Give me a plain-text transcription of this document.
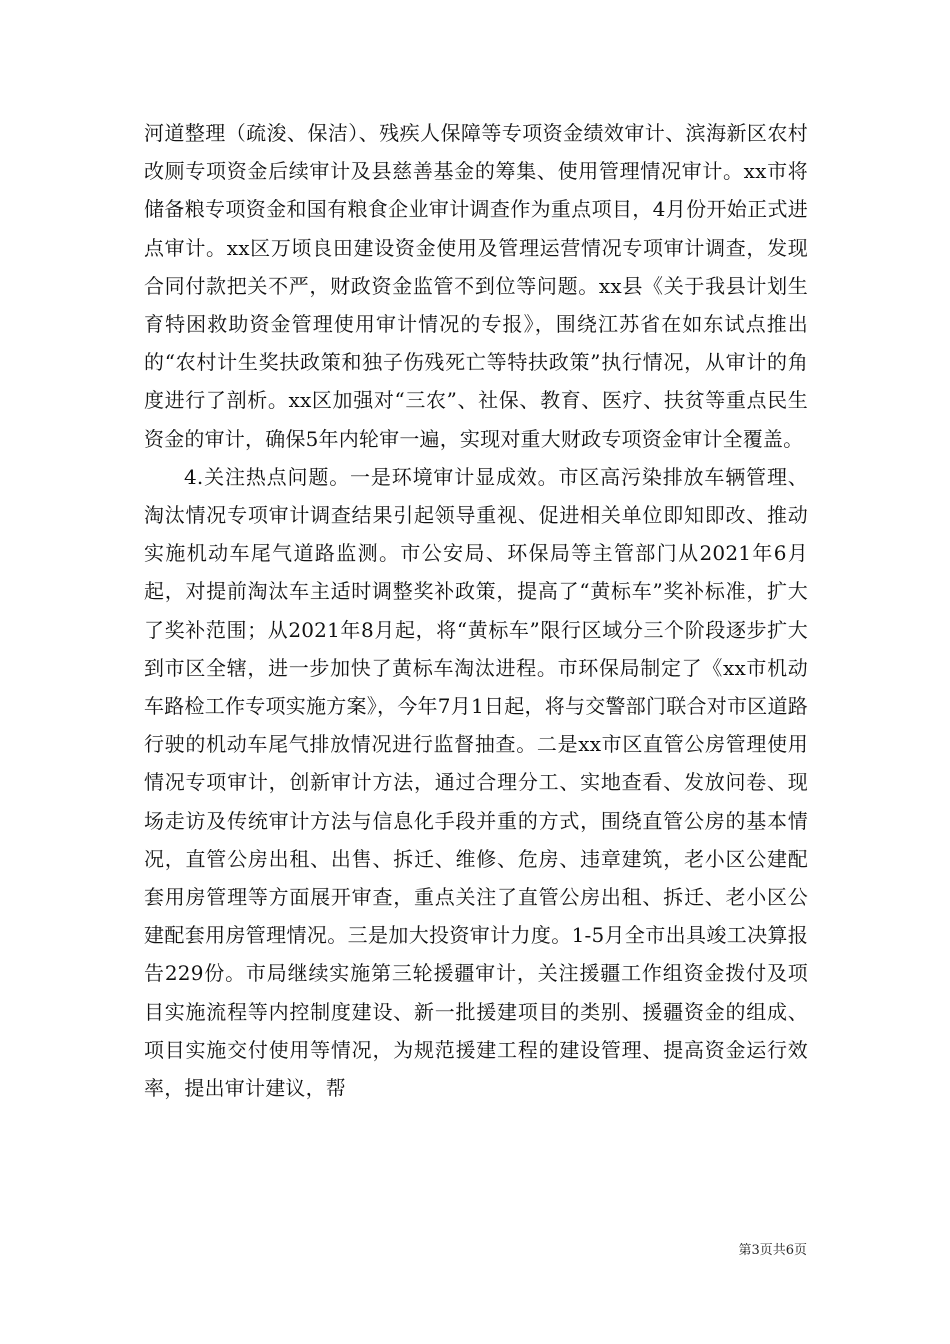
河道整理（疏浚、保洁）、残疾人保障等专项资金绩效审计、滨海新区农村改厕专项资金后续审计及县慈善基金的筹集、使用管理情况审计。xx市将储备粮专项资金和国有粮食企业审计调查作为重点项目，4月份开始正式进点审计。xx区万顷良田建设资金使用及管理运营情况专项审计调查，发现合同付款把关不严，财政资金监管不到位等问题。xx县《关于我县计划生育特困救助资金管理使用审计情况的专报》，围绕江苏省在如东试点推出的“农村计生奖扶政策和独子伤残死亡等特扶政策”执行情况，从审计的角度进行了剖析。xx区加强对“三农”、社保、教育、医疗、扶贫等重点民生资金的审计，确保5年内轮审一遍，实现对重大财政专项资金审计全覆盖。

4.关注热点问题。一是环境审计显成效。市区高污染排放车辆管理、淘汰情况专项审计调查结果引起领导重视、促进相关单位即知即改、推动实施机动车尾气道路监测。市公安局、环保局等主管部门从2021年6月起，对提前淘汰车主适时调整奖补政策，提高了“黄标车”奖补标准，扩大了奖补范围；从2021年8月起，将“黄标车”限行区域分三个阶段逐步扩大到市区全辖，进一步加快了黄标车淘汰进程。市环保局制定了《xx市机动车路检工作专项实施方案》，今年7月1日起，将与交警部门联合对市区道路行驶的机动车尾气排放情况进行监督抽查。二是xx市区直管公房管理使用情况专项审计，创新审计方法，通过合理分工、实地查看、发放问卷、现场走访及传统审计方法与信息化手段并重的方式，围绕直管公房的基本情况，直管公房出租、出售、拆迁、维修、危房、违章建筑，老小区公建配套用房管理等方面展开审查，重点关注了直管公房出租、拆迁、老小区公建配套用房管理情况。三是加大投资审计力度。1-5月全市出具竣工决算报告229份。市局继续实施第三轮援疆审计，关注援疆工作组资金拨付及项目实施流程等内控制度建设、新一批援建项目的类别、援疆资金的组成、项目实施交付使用等情况，为规范援建工程的建设管理、提高资金运行效率，提出审计建议，帮

第3页共6页
